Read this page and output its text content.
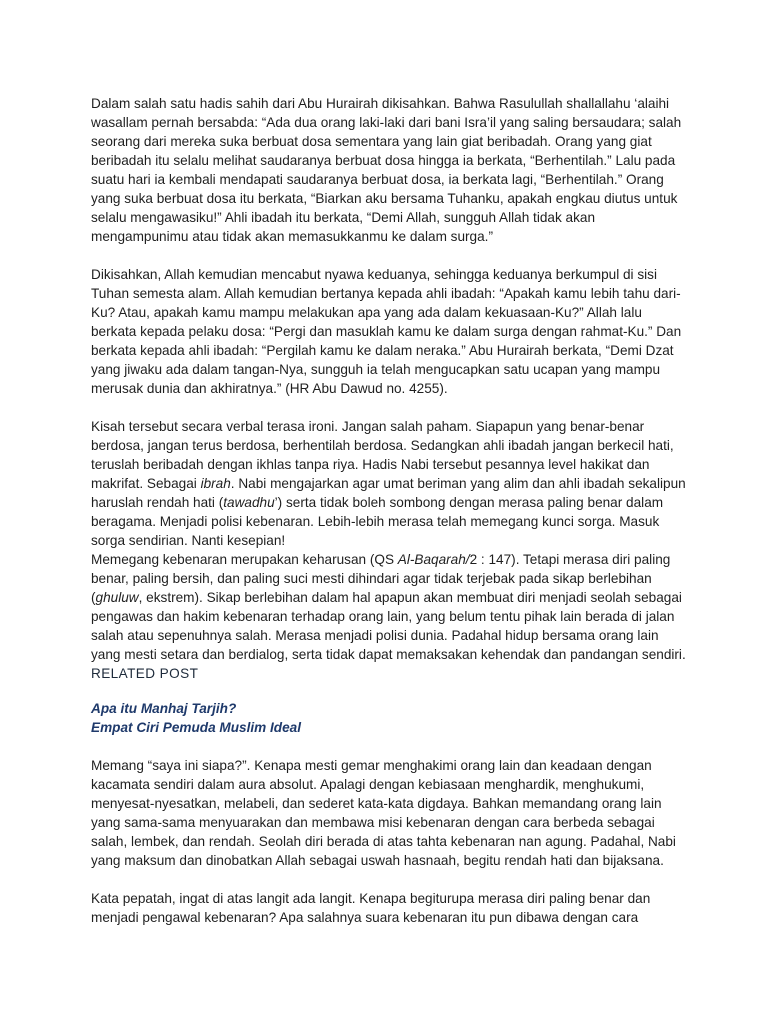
Dalam salah satu hadis sahih dari Abu Hurairah dikisahkan. Bahwa Rasulullah shallallahu ‘alaihi wasallam pernah bersabda: “Ada dua orang laki-laki dari bani Isra’il yang saling bersaudara; salah seorang dari mereka suka berbuat dosa sementara yang lain giat beribadah. Orang yang giat beribadah itu selalu melihat saudaranya berbuat dosa hingga ia berkata, “Berhentilah.” Lalu pada suatu hari ia kembali mendapati saudaranya berbuat dosa, ia berkata lagi, “Berhentilah.” Orang yang suka berbuat dosa itu berkata, “Biarkan aku bersama Tuhanku, apakah engkau diutus untuk selalu mengawasiku!” Ahli ibadah itu berkata, “Demi Allah, sungguh Allah tidak akan mengampunimu atau tidak akan memasukkanmu ke dalam surga.”

Dikisahkan, Allah kemudian mencabut nyawa keduanya, sehingga keduanya berkumpul di sisi Tuhan semesta alam. Allah kemudian bertanya kepada ahli ibadah: “Apakah kamu lebih tahu dari-Ku? Atau, apakah kamu mampu melakukan apa yang ada dalam kekuasaan-Ku?” Allah lalu berkata kepada pelaku dosa: “Pergi dan masuklah kamu ke dalam surga dengan rahmat-Ku.” Dan berkata kepada ahli ibadah: “Pergilah kamu ke dalam neraka.” Abu Hurairah berkata, “Demi Dzat yang jiwaku ada dalam tangan-Nya, sungguh ia telah mengucapkan satu ucapan yang mampu merusak dunia dan akhiratnya.” (HR Abu Dawud no. 4255).

Kisah tersebut secara verbal terasa ironi. Jangan salah paham. Siapapun yang benar-benar berdosa, jangan terus berdosa, berhentilah berdosa. Sedangkan ahli ibadah jangan berkecil hati, teruslah beribadah dengan ikhlas tanpa riya. Hadis Nabi tersebut pesannya level hakikat dan makrifat. Sebagai ibrah. Nabi mengajarkan agar umat beriman yang alim dan ahli ibadah sekalipun haruslah rendah hati (tawadhu’) serta tidak boleh sombong dengan merasa paling benar dalam beragama. Menjadi polisi kebenaran. Lebih-lebih merasa telah memegang kunci sorga. Masuk sorga sendirian. Nanti kesepian!

Memegang kebenaran merupakan keharusan (QS Al-Baqarah/2 : 147). Tetapi merasa diri paling benar, paling bersih, dan paling suci mesti dihindari agar tidak terjebak pada sikap berlebihan (ghuluw, ekstrem). Sikap berlebihan dalam hal apapun akan membuat diri menjadi seolah sebagai pengawas dan hakim kebenaran terhadap orang lain, yang belum tentu pihak lain berada di jalan salah atau sepenuhnya salah. Merasa menjadi polisi dunia. Padahal hidup bersama orang lain yang mesti setara dan berdialog, serta tidak dapat memaksakan kehendak dan pandangan sendiri.

RELATED POST
Apa itu Manhaj Tarjih?
Empat Ciri Pemuda Muslim Ideal

Memang “saya ini siapa?”. Kenapa mesti gemar menghakimi orang lain dan keadaan dengan kacamata sendiri dalam aura absolut. Apalagi dengan kebiasaan menghardik, menghukumi, menyesat-nyesatkan, melabeli, dan sederet kata-kata digdaya. Bahkan memandang orang lain yang sama-sama menyuarakan dan membawa misi kebenaran dengan cara berbeda sebagai salah, lembek, dan rendah. Seolah diri berada di atas tahta kebenaran nan agung. Padahal, Nabi yang maksum dan dinobatkan Allah sebagai uswah hasnaah, begitu rendah hati dan bijaksana.

Kata pepatah, ingat di atas langit ada langit. Kenapa begiturupa merasa diri paling benar dan menjadi pengawal kebenaran? Apa salahnya suara kebenaran itu pun dibawa dengan cara
